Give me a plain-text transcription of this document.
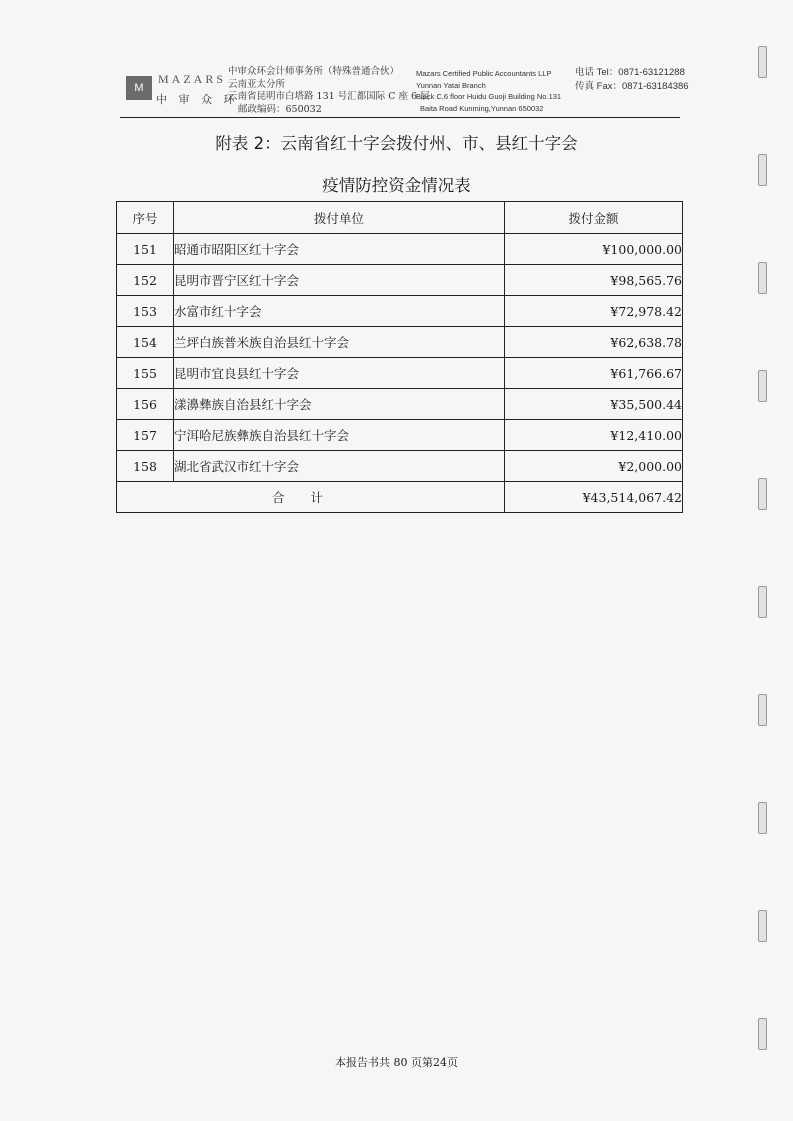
M
MAZARS
中 审 众 环
中审众环会计师事务所（特殊普通合伙）
云南亚太分所
云南省昆明市白塔路 131 号汇都国际 C 座 6 层
邮政编码：650032
Mazars Certified Public Accountants LLP
Yunnan Yatai Branch
Block C,6 floor Huidu Guoji Building No.131
Baita Road Kunming,Yunnan 650032
电话 Tel：0871-63121288
传真 Fax：0871-63184386
附表 2：云南省红十字会拨付州、市、县红十字会
疫情防控资金情况表
序号	拨付单位	拨付金额
151	昭通市昭阳区红十字会	¥100,000.00
152	昆明市晋宁区红十字会	¥98,565.76
153	水富市红十字会	¥72,978.42
154	兰坪白族普米族自治县红十字会	¥62,638.78
155	昆明市宜良县红十字会	¥61,766.67
156	漾濞彝族自治县红十字会	¥35,500.44
157	宁洱哈尼族彝族自治县红十字会	¥12,410.00
158	湖北省武汉市红十字会	¥2,000.00
合计		¥43,514,067.42
本报告书共 80 页第24页
